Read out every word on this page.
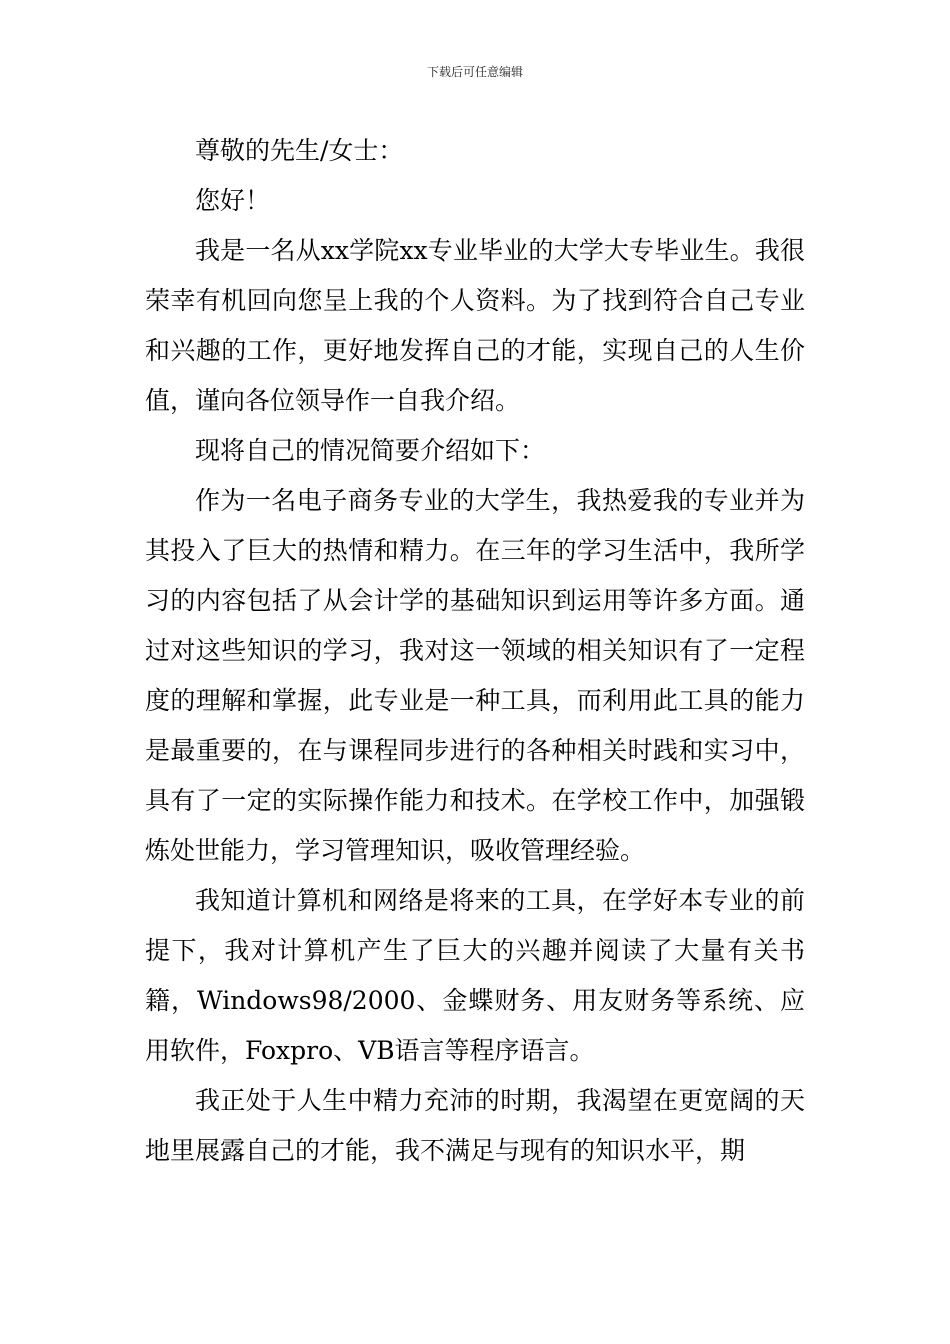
下载后可任意编辑

尊敬的先生/女士：

您好！

我是一名从xx学院xx专业毕业的大学大专毕业生。我很荣幸有机回向您呈上我的个人资料。为了找到符合自己专业和兴趣的工作，更好地发挥自己的才能，实现自己的人生价值，谨向各位领导作一自我介绍。

现将自己的情况简要介绍如下：

作为一名电子商务专业的大学生，我热爱我的专业并为其投入了巨大的热情和精力。在三年的学习生活中，我所学习的内容包括了从会计学的基础知识到运用等许多方面。通过对这些知识的学习，我对这一领域的相关知识有了一定程度的理解和掌握，此专业是一种工具，而利用此工具的能力是最重要的，在与课程同步进行的各种相关时践和实习中，具有了一定的实际操作能力和技术。在学校工作中，加强锻炼处世能力，学习管理知识，吸收管理经验。

我知道计算机和网络是将来的工具，在学好本专业的前提下，我对计算机产生了巨大的兴趣并阅读了大量有关书籍，Windows98/2000、金蝶财务、用友财务等系统、应用软件，Foxpro、VB语言等程序语言。

我正处于人生中精力充沛的时期，我渴望在更宽阔的天地里展露自己的才能，我不满足与现有的知识水平，期
